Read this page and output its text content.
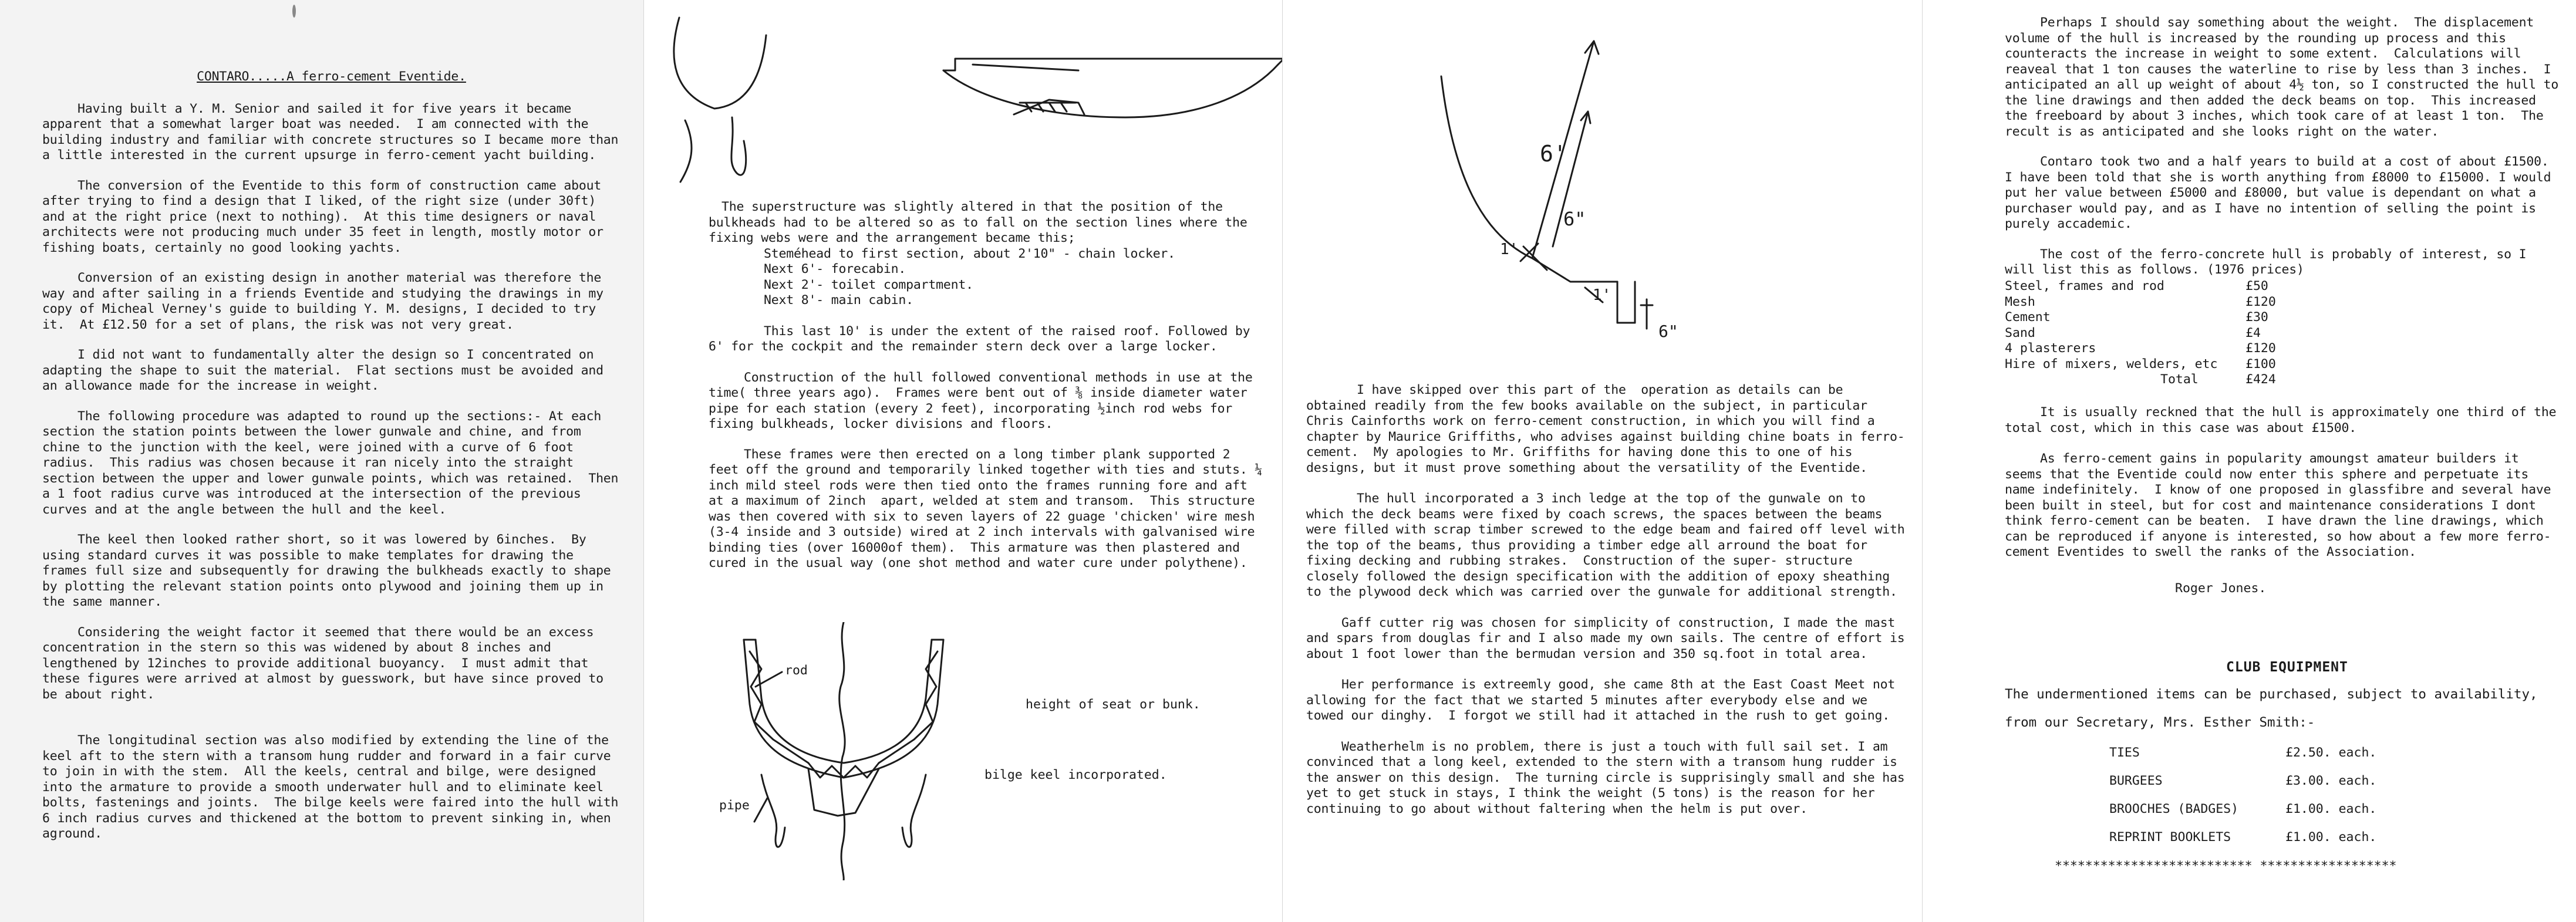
CONTARO.....A ferro-cement Eventide.

Having built a Y. M. Senior and sailed it for five years it became apparent that a somewhat larger boat was needed.  I am connected with the building industry and familiar with concrete structures so I became more than a little interested in the current upsurge in ferro-cement yacht building.

The conversion of the Eventide to this form of construction came about after trying to find a design that I liked, of the right size (under 30ft) and at the right price (next to nothing).  At this time designers or naval architects were not producing much under 35 feet in length, mostly motor or fishing boats, certainly no good looking yachts.

Conversion of an existing design in another material was therefore the way and after sailing in a friends Eventide and studying the drawings in my copy of Micheal Verney's guide to building Y. M. designs, I decided to try it.  At £12.50 for a set of plans, the risk was not very great.

I did not want to fundamentally alter the design so I concentrated on adapting the shape to suit the material.  Flat sections must be avoided and an allowance made for the increase in weight.

The following procedure was adapted to round up the sections:- At each section the station points between the lower gunwale and chine, and from chine to the junction with the keel, were joined with a curve of 6 foot radius.  This radius was chosen because it ran nicely into the straight section between the upper and lower gunwale points, which was retained.  Then a 1 foot radius curve was introduced at the intersection of the previous curves and at the angle between the hull and the keel.

The keel then looked rather short, so it was lowered by 6inches.  By using standard curves it was possible to make templates for drawing the frames full size and subsequently for drawing the bulkheads exactly to shape by plotting the relevant station points onto plywood and joining them up in the same manner.

Considering the weight factor it seemed that there would be an excess concentration in the stern so this was widened by about 8 inches and lengthened by 12inches to provide additional buoyancy.  I must admit that these figures were arrived at almost by guesswork, but have since proved to be about right.

The longitudinal section was also modified by extending the line of the keel aft to the stern with a transom hung rudder and forward in a fair curve to join in with the stem.  All the keels, central and bilge, were designed into the armature to provide a smooth underwater hull and to eliminate keel bolts, fastenings and joints.  The bilge keels were faired into the hull with 6 inch radius curves and thickened at the bottom to prevent sinking in, when aground.

The superstructure was slightly altered in that the position of the bulkheads had to be altered so as to fall on the section lines where the fixing webs were and the arrangement became this;

Steméhead to first section, about 2'10" - chain locker.

Next 6'- forecabin.

Next 2'- toilet compartment.

Next 8'- main cabin.

This last 10' is under the extent of the raised roof. Followed by 6' for the cockpit and the remainder stern deck over a large locker.

Construction of the hull followed conventional methods in use at the time( three years ago).  Frames were bent out of ⅜ inside diameter water pipe for each station (every 2 feet), incorporating ½inch rod webs for fixing bulkheads, locker divisions and floors.

These frames were then erected on a long timber plank supported 2 feet off the ground and temporarily linked together with ties and stuts. ¼ inch mild steel rods were then tied onto the frames running fore and aft at a maximum of 2inch  apart, welded at stem and transom.  This structure was then covered with six to seven layers of 22 guage 'chicken' wire mesh (3-4 inside and 3 outside) wired at 2 inch intervals with galvanised wire binding ties (over 16000of them).  This armature was then plastered and cured in the usual way (one shot method and water cure under polythene).

rod
pipe
height of seat or bunk.
bilge keel incorporated.
6'
6"
1'
1'
6"

I have skipped over this part of the  operation as details can be obtained readily from the few books available on the subject, in particular Chris Cainforths work on ferro-cement construction, in which you will find a chapter by Maurice Griffiths, who advises against building chine boats in ferro-cement.  My apologies to Mr. Griffiths for having done this to one of his designs, but it must prove something about the versatility of the Eventide.

The hull incorporated a 3 inch ledge at the top of the gunwale on to which the deck beams were fixed by coach screws, the spaces between the beams were filled with scrap timber screwed to the edge beam and faired off level with the top of the beams, thus providing a timber edge all arround the boat for fixing decking and rubbing strakes.  Construction of the super- structure closely followed the design specification with the addition of epoxy sheathing to the plywood deck which was carried over the gunwale for additional strength.

Gaff cutter rig was chosen for simplicity of construction, I made the mast and spars from douglas fir and I also made my own sails. The centre of effort is about 1 foot lower than the bermudan version and 350 sq.foot in total area.

Her performance is extreemly good, she came 8th at the East Coast Meet not allowing for the fact that we started 5 minutes after everybody else and we towed our dinghy.  I forgot we still had it attached in the rush to get going.

Weatherhelm is no problem, there is just a touch with full sail set. I am convinced that a long keel, extended to the stern with a transom hung rudder is the answer on this design.  The turning circle is supprisingly small and she has yet to get stuck in stays, I think the weight (5 tons) is the reason for her continuing to go about without faltering when the helm is put over.

Perhaps I should say something about the weight.  The displacement volume of the hull is increased by the rounding up process and this counteracts the increase in weight to some extent.  Calculations will reaveal that 1 ton causes the waterline to rise by less than 3 inches.  I anticipated an all up weight of about 4½ ton, so I constructed the hull to the line drawings and then added the deck beams on top.  This increased the freeboard by about 3 inches, which took care of at least 1 ton.  The recult is as anticipated and she looks right on the water.

Contaro took two and a half years to build at a cost of about £1500. I have been told that she is worth anything from £8000 to £15000. I would put her value between £5000 and £8000, but value is dependant on what a purchaser would pay, and as I have no intention of selling the point is purely accademic.

The cost of the ferro-concrete hull is probably of interest, so I will list this as follows. (1976 prices)

Steel, frames and rod	£50
Mesh	£120
Cement	£30
Sand	£4
4 plasterers	£120
Hire of mixers, welders, etc	£100
Total	£424

It is usually reckned that the hull is approximately one third of the total cost, which in this case was about £1500.

As ferro-cement gains in popularity amoungst amateur builders it seems that the Eventide could now enter this sphere and perpetuate its name indefinitely.  I know of one proposed in glassfibre and several have been built in steel, but for cost and maintenance considerations I dont think ferro-cement can be beaten.  I have drawn the line drawings, which can be reproduced if anyone is interested, so how about a few more ferro-cement Eventides to swell the ranks of the Association.

Roger Jones.
CLUB EQUIPMENT
The undermentioned items can be purchased, subject to availability,
from our Secretary, Mrs. Esther Smith:-
TIES	£2.50. each.
BURGEES	£3.00. each.
BROOCHES (BADGES)	£1.00. each.
REPRINT BOOKLETS	£1.00. each.
************************** ******************
